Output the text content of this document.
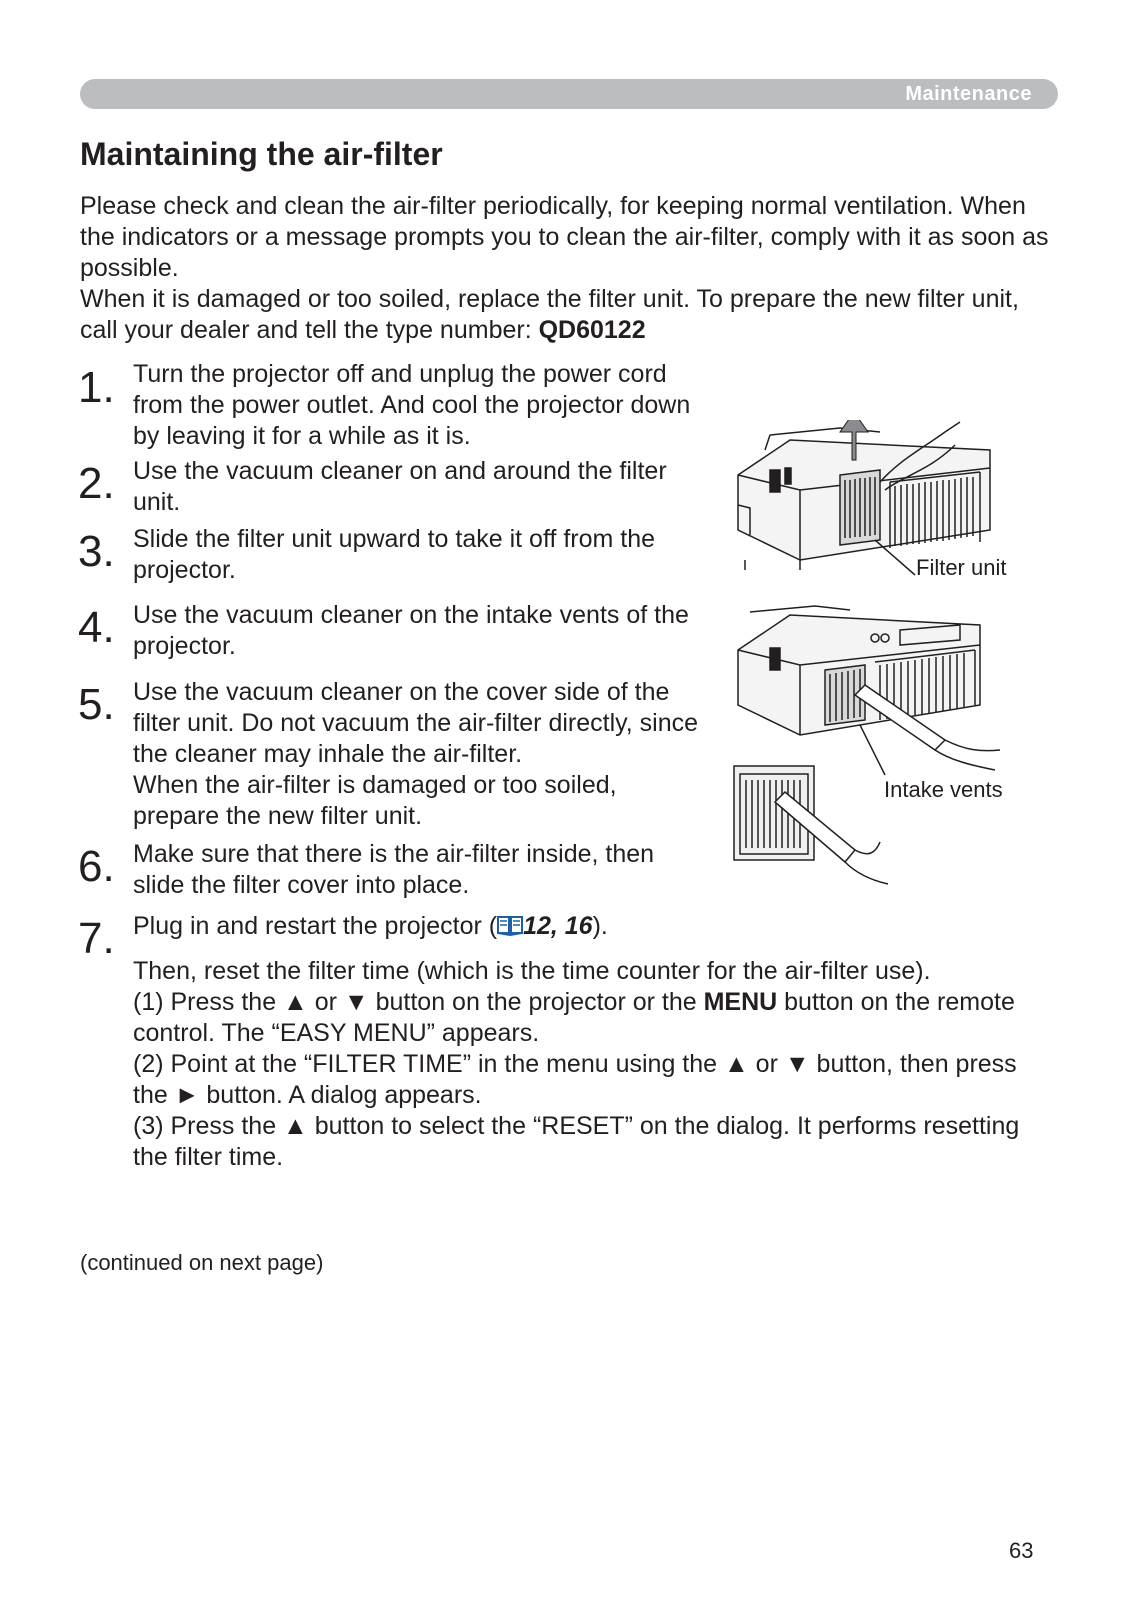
Maintenance
Maintaining the air-filter

Please check and clean the air-filter periodically, for keeping normal ventilation. When the indicators or a message prompts you to clean the air-filter, comply with it as soon as possible.

When it is damaged or too soiled, replace the filter unit. To prepare the new filter unit, call your dealer and tell the type number: QD60122

1. Turn the projector off and unplug the power cord from the power outlet. And cool the projector down by leaving it for a while as it is.
2. Use the vacuum cleaner on and around the filter unit.
3. Slide the filter unit upward to take it off from the projector.
4. Use the vacuum cleaner on the intake vents of the projector.
5. Use the vacuum cleaner on the cover side of the filter unit. Do not vacuum the air-filter directly, since the cleaner may inhale the air-filter.

When the air-filter is damaged or too soiled, prepare the new filter unit.

6. Make sure that there is the air-filter inside, then slide the filter cover into place.
7. Plug in and restart the projector ( 12, 16).

Then, reset the filter time (which is the time counter for the air-filter use).

(1) Press the ▲ or ▼ button on the projector or the MENU button on the remote control. The “EASY MENU” appears.

(2) Point at the “FILTER TIME” in the menu using the ▲ or ▼ button, then press the ► button. A dialog appears.

(3) Press the ▲ button to select the “RESET” on the dialog. It performs resetting the filter time.

Filter unit
Intake vents
(continued on next page)
63
